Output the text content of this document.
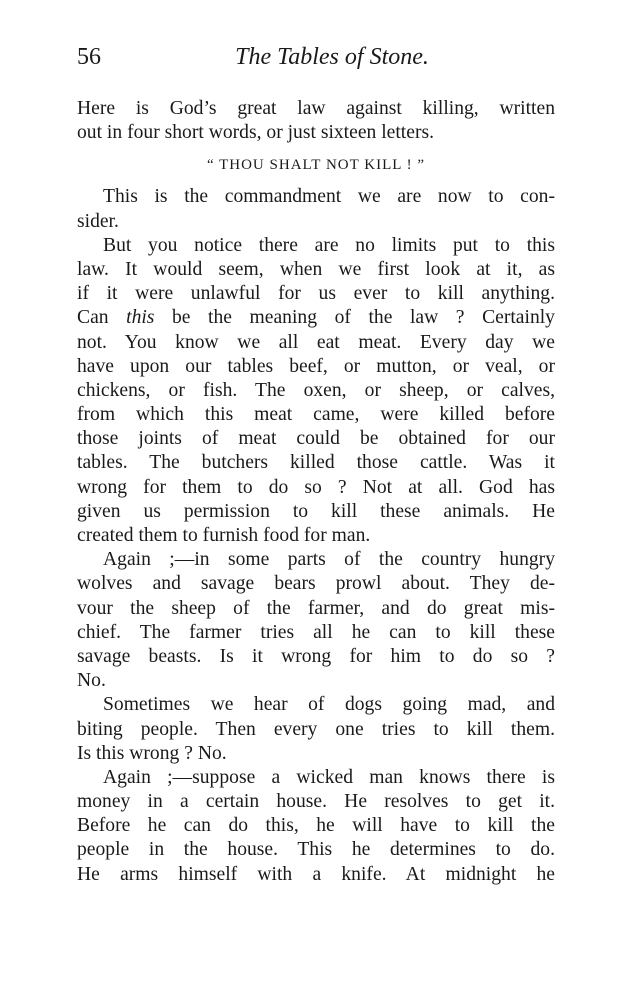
56	The Tables of Stone.
Here is God’s great law against killing, written
out in four short words, or just sixteen letters.
“ THOU SHALT NOT KILL ! ”
This is the commandment we are now to con-
sider.
But you notice there are no limits put to this
law. It would seem, when we first look at it, as
if it were unlawful for us ever to kill anything.
Can this be the meaning of the law ? Certainly
not. You know we all eat meat. Every day we
have upon our tables beef, or mutton, or veal, or
chickens, or fish. The oxen, or sheep, or calves,
from which this meat came, were killed before
those joints of meat could be obtained for our
tables. The butchers killed those cattle. Was it
wrong for them to do so ? Not at all. God has
given us permission to kill these animals. He
created them to furnish food for man.
Again ;—in some parts of the country hungry
wolves and savage bears prowl about. They de-
vour the sheep of the farmer, and do great mis-
chief. The farmer tries all he can to kill these
savage beasts. Is it wrong for him to do so ?
No.
Sometimes we hear of dogs going mad, and
biting people. Then every one tries to kill them.
Is this wrong ? No.
Again ;—suppose a wicked man knows there is
money in a certain house. He resolves to get it.
Before he can do this, he will have to kill the
people in the house. This he determines to do.
He arms himself with a knife. At midnight he
